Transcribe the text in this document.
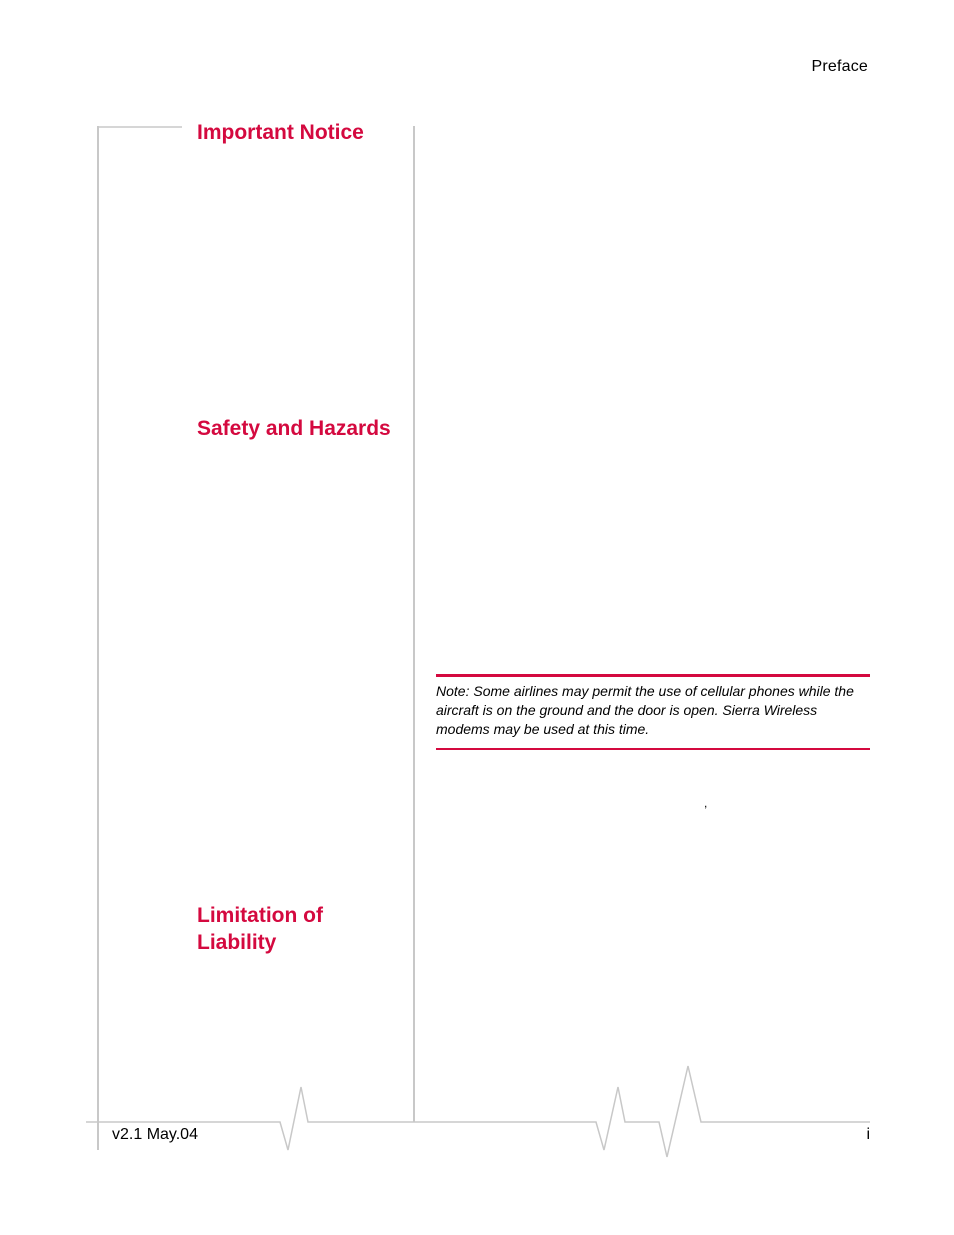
Preface
Important Notice
Safety and Hazards
Limitation of Liability

Note: Some airlines may permit the use of cellular phones while the aircraft is on the ground and the door is open. Sierra Wireless modems may be used at this time.

,
v2.1 May.04	i
